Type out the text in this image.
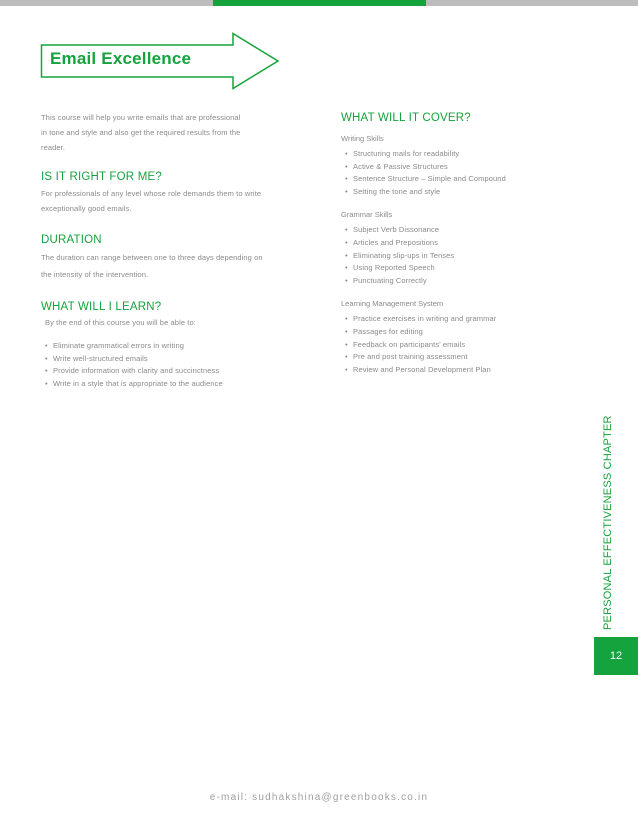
Email Excellence

This course will help you write emails that are professional
in tone and style and also get the required results from the
reader.

IS IT RIGHT FOR ME?

For professionals of any level whose role demands them to write
exceptionally good emails.

DURATION

The duration can range between one to three days depending on
the intensity of the intervention.

WHAT WILL I LEARN?

By the end of this course you will be able to:

• Eliminate grammatical errors in writing
• Write well-structured emails
• Provide information with clarity and succinctness
• Write in a style that is appropriate to the audience
WHAT WILL IT COVER?

Writing Skills

• Structuring mails for readability
• Active & Passive Structures
• Sentence Structure – Simple and Compound
• Setting the tone and style

Grammar Skills

• Subject Verb Dissonance
• Articles and Prepositions
• Eliminating slip-ups in Tenses
• Using Reported Speech
• Punctuating Correctly

Learning Management System

• Practice exercises in writing and grammar
• Passages for editing
• Feedback on participants' emails
• Pre and post training assessment
• Review and Personal Development Plan
PERSONAL EFFECTIVENESS CHAPTER
12
e-mail: sudhakshina@greenbooks.co.in
